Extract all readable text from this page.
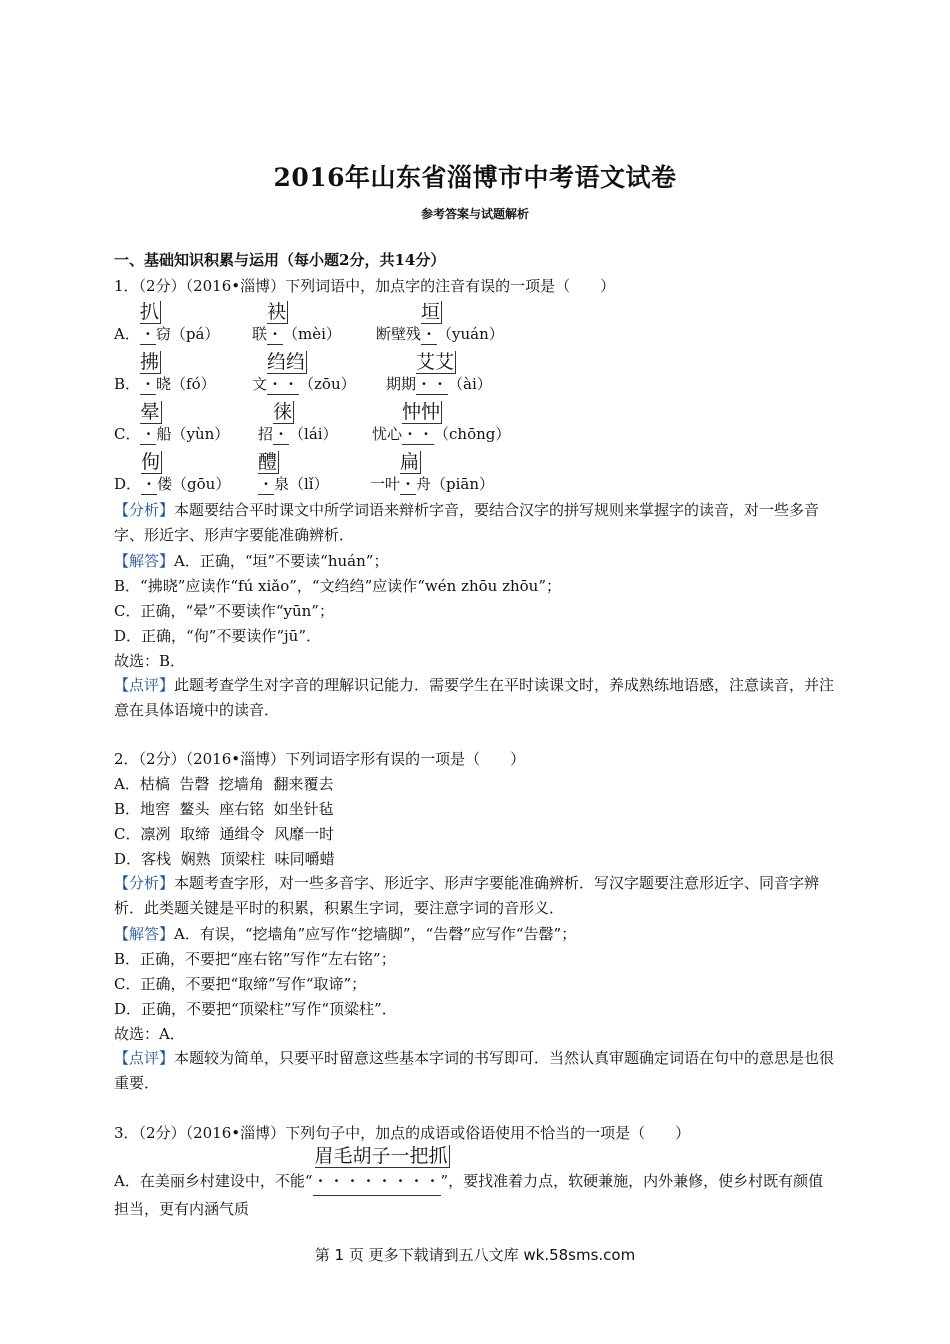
2016年山东省淄博市中考语文试卷
参考答案与试题解析
一、基础知识积累与运用（每小题2分，共14分）
1．（2分）（2016•淄博）下列词语中，加点字的注音有误的一项是（　　）
A．
扒
· 窃（pá） 联
袂
· （mèi） 断壁残
垣
· （yuán）
B．
拂
· 晓（fó） 文
绉绉
· · （zōu） 期期
艾艾
· · （ài）
C．
晕
· 船（yùn） 招
徕
· （lái） 忧心
忡忡
· · （chōng）
D．
佝
· 偻（gōu）
醴
· 泉（lǐ）	一叶
扁
· 舟（piān）
【分析】本题要结合平时课文中所学词语来辩析字音，要结合汉字的拼写规则来掌握字的读音，对一些多音字、形近字、形声字要能准确辨析．
【解答】A．正确，“垣”不要读“huán”；
B．“拂晓”应读作“fú xiǎo”，“文绉绉”应读作“wén zhōu zhōu”；
C．正确，“晕”不要读作“yūn”；
D．正确，“佝”不要读作“jū”．
故选：B．
【点评】此题考查学生对字音的理解识记能力．需要学生在平时读课文时，养成熟练地语感，注意读音，并注意在具体语境中的读音．
2．（2分）（2016•淄博）下列词语字形有误的一项是（　　）
A．枯槁  告磬  挖墙角  翻来覆去
B．地窖  鳌头  座右铭  如坐针毡
C．凛冽  取缔  通缉令  风靡一时
D．客栈  娴熟  顶梁柱  味同嚼蜡
【分析】本题考查字形，对一些多音字、形近字、形声字要能准确辨析．写汉字题要注意形近字、同音字辨析．此类题关键是平时的积累，积累生字词，要注意字词的音形义．
【解答】A．有误，“挖墙角”应写作“挖墙脚”，“告磬”应写作“告罄”；
B．正确，不要把“座右铭”写作“左右铭”；
C．正确，不要把“取缔”写作“取谛”；
D．正确，不要把“顶梁柱”写作“顶粱柱”．
故选：A．
【点评】本题较为简单，只要平时留意这些基本字词的书写即可．当然认真审题确定词语在句中的意思是也很重要．
3．（2分）（2016•淄博）下列句子中，加点的成语或俗语使用不恰当的一项是（　　）
A．在美丽乡村建设中，不能“
眉毛胡子一把抓
· · · · · · · · ”，要找准着力点，软硬兼施，内外兼修，使乡村既有颜值担当，更有内涵气质
第 1 页 更多下载请到五八文库 wk.58sms.com
